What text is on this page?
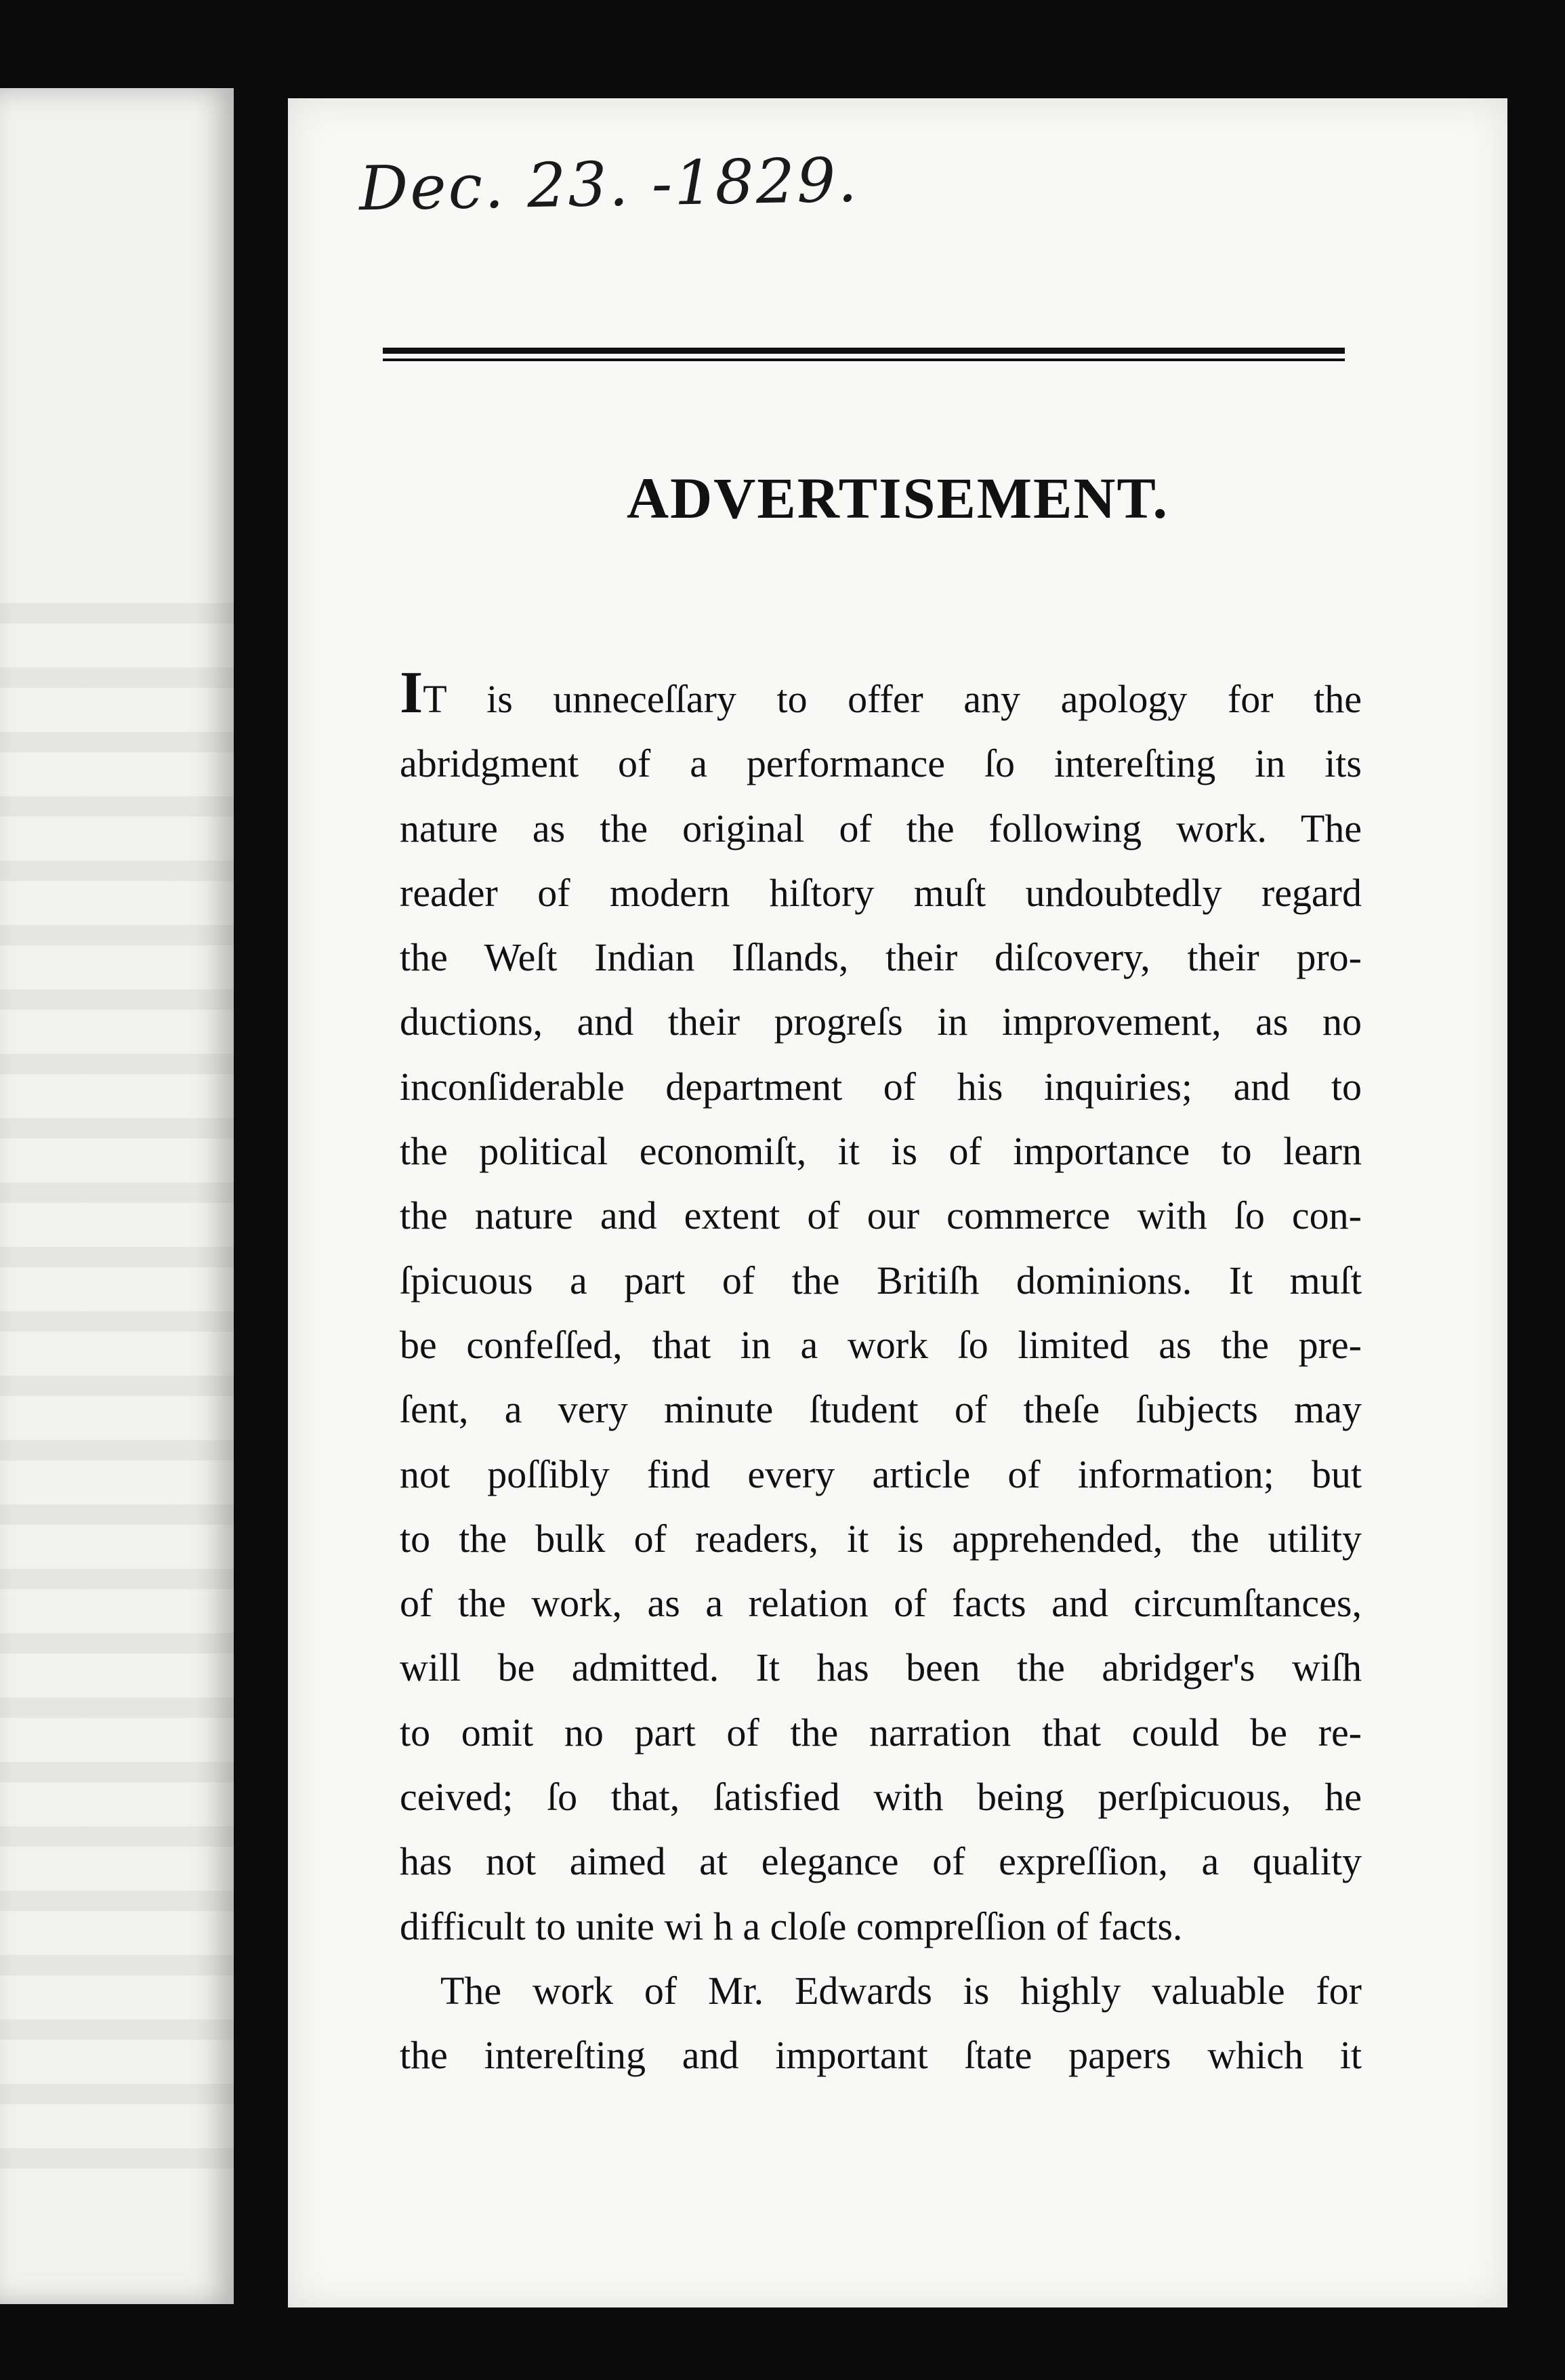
Dec. 23. -1829.
ADVERTISEMENT.
IT is unneceſſary to offer any apology for the
abridgment of a performance ſo intereſting in its
nature as the original of the following work. The
reader of modern hiſtory muſt undoubtedly regard
the Weſt Indian Iſlands, their diſcovery, their pro-
ductions, and their progreſs in improvement, as no
inconſiderable department of his inquiries; and to
the political economiſt, it is of importance to learn
the nature and extent of our commerce with ſo con-
ſpicuous a part of the Britiſh dominions. It muſt
be confeſſed, that in a work ſo limited as the pre-
ſent, a very minute ſtudent of theſe ſubjects may
not poſſibly find every article of information; but
to the bulk of readers, it is apprehended, the utility
of the work, as a relation of facts and circumſtances,
will be admitted. It has been the abridger's wiſh
to omit no part of the narration that could be re-
ceived; ſo that, ſatisfied with being perſpicuous, he
has not aimed at elegance of expreſſion, a quality
difficult to unite wi h a cloſe compreſſion of facts.
The work of Mr. Edwards is highly valuable for
the intereſting and important ſtate papers which it
